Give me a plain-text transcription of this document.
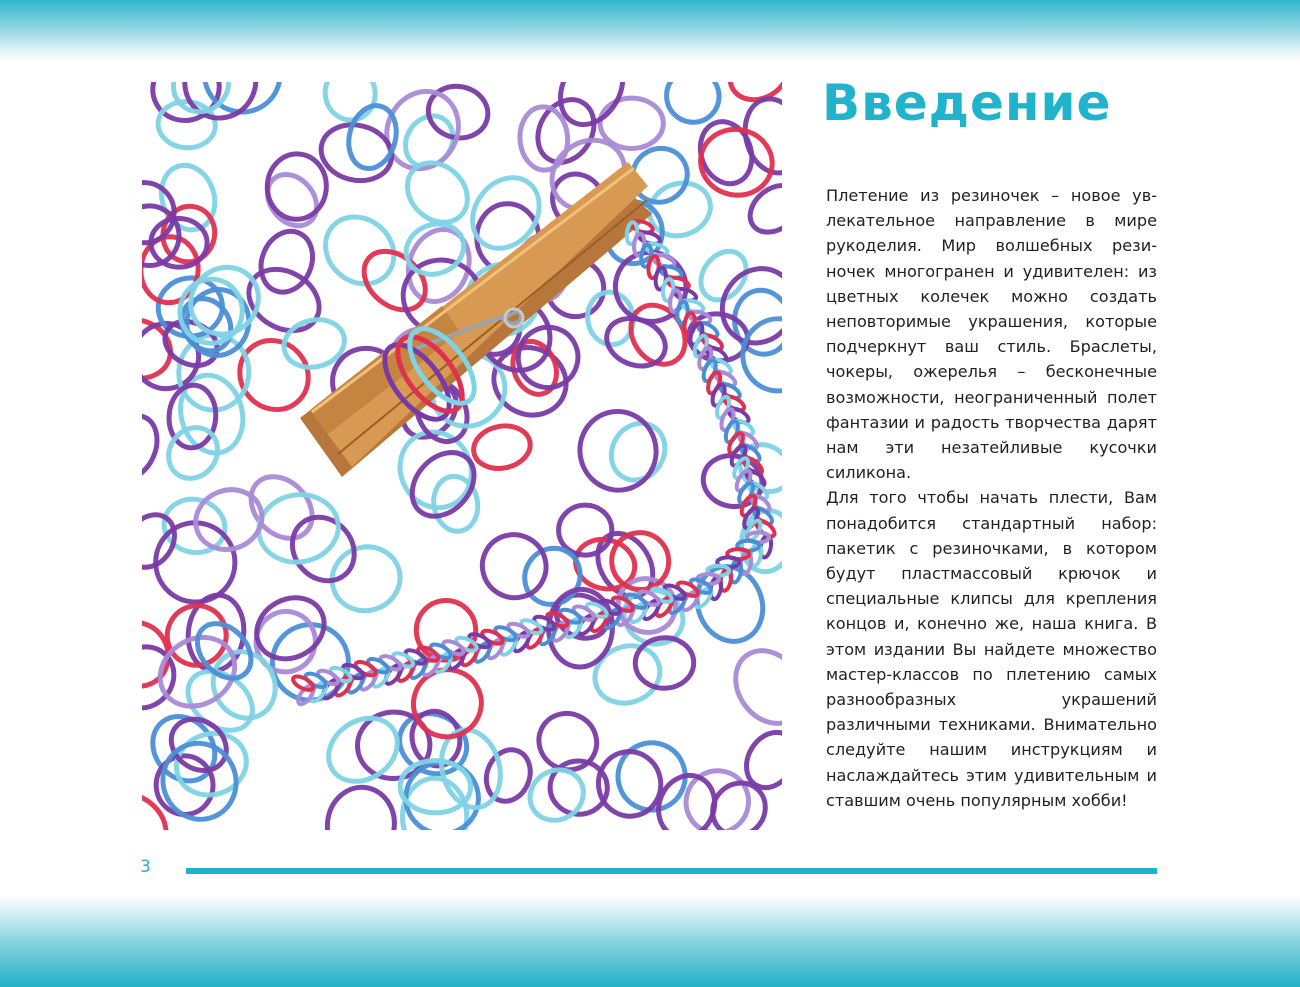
Введение

Плетение из резиночек – новое увлекательное направление в мире рукоделия. Мир волшебных резиночек многогранен и удивителен: из цветных колечек можно создать неповторимые украшения, которые подчеркнут ваш стиль. Браслеты, чокеры, ожерелья – бесконечные возможности, неограниченный полет фантазии и радость творчества дарят нам эти незатейливые кусочки силикона.

Для того чтобы начать плести, Вам понадобится стандартный набор: пакетик с резиночками, в котором будут пластмассовый крючок и специальные клипсы для крепления концов и, конечно же, наша книга. В этом издании Вы найдете множество мастер-классов по плетению самых разнообразных украшений различными техниками. Внимательно следуйте нашим инструкциям и наслаждайтесь этим удивительным и ставшим очень популярным хобби!

3
